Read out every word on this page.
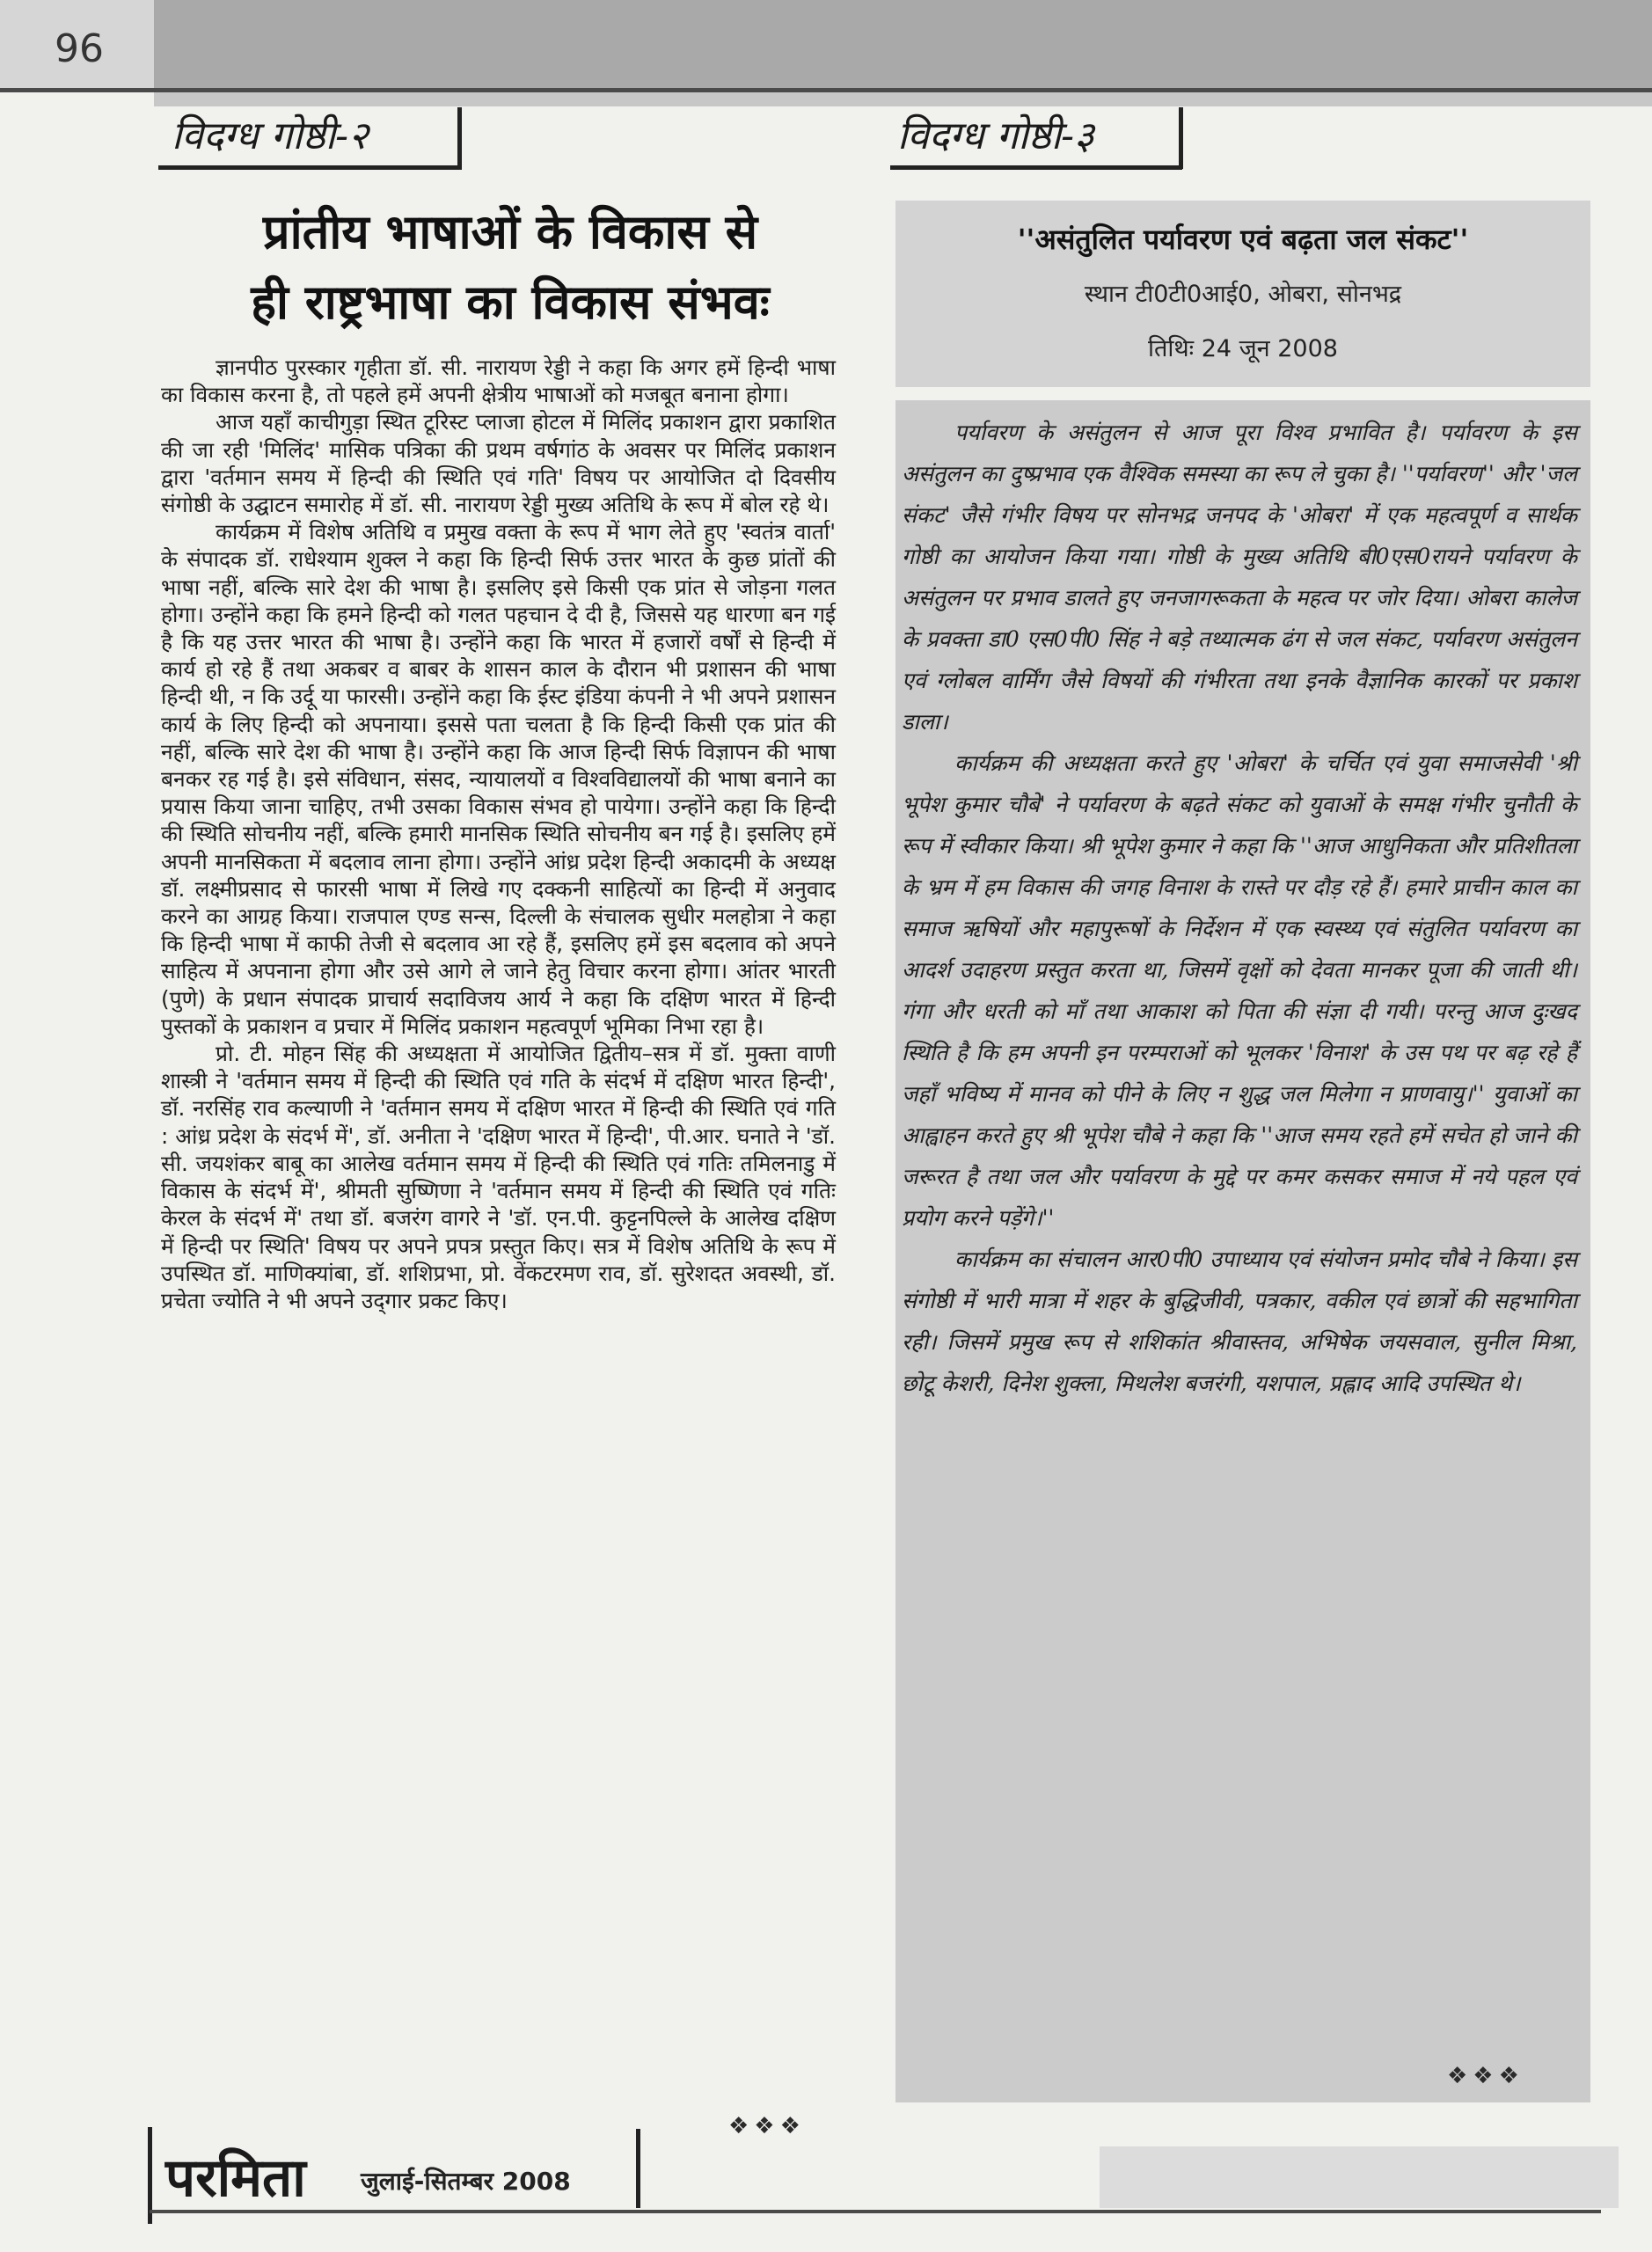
96
विदग्ध गोष्ठी-२
प्रांतीय भाषाओं के विकास से
ही राष्ट्रभाषा का विकास संभवः

ज्ञानपीठ पुरस्कार गृहीता डॉ. सी. नारायण रेड्डी ने कहा कि अगर हमें हिन्दी भाषा का विकास करना है, तो पहले हमें अपनी क्षेत्रीय भाषाओं को मजबूत बनाना होगा।

आज यहाँ काचीगुड़ा स्थित टूरिस्ट प्लाजा होटल में मिलिंद प्रकाशन द्वारा प्रकाशित की जा रही 'मिलिंद' मासिक पत्रिका की प्रथम वर्षगांठ के अवसर पर मिलिंद प्रकाशन द्वारा 'वर्तमान समय में हिन्दी की स्थिति एवं गति' विषय पर आयोजित दो दिवसीय संगोष्ठी के उद्घाटन समारोह में डॉ. सी. नारायण रेड्डी मुख्य अतिथि के रूप में बोल रहे थे।

कार्यक्रम में विशेष अतिथि व प्रमुख वक्ता के रूप में भाग लेते हुए 'स्वतंत्र वार्ता' के संपादक डॉ. राधेश्याम शुक्ल ने कहा कि हिन्दी सिर्फ उत्तर भारत के कुछ प्रांतों की भाषा नहीं, बल्कि सारे देश की भाषा है। इसलिए इसे किसी एक प्रांत से जोड़ना गलत होगा। उन्होंने कहा कि हमने हिन्दी को गलत पहचान दे दी है, जिससे यह धारणा बन गई है कि यह उत्तर भारत की भाषा है। उन्होंने कहा कि भारत में हजारों वर्षों से हिन्दी में कार्य हो रहे हैं तथा अकबर व बाबर के शासन काल के दौरान भी प्रशासन की भाषा हिन्दी थी, न कि उर्दू या फारसी। उन्होंने कहा कि ईस्ट इंडिया कंपनी ने भी अपने प्रशासन कार्य के लिए हिन्दी को अपनाया। इससे पता चलता है कि हिन्दी किसी एक प्रांत की नहीं, बल्कि सारे देश की भाषा है। उन्होंने कहा कि आज हिन्दी सिर्फ विज्ञापन की भाषा बनकर रह गई है। इसे संविधान, संसद, न्यायालयों व विश्वविद्यालयों की भाषा बनाने का प्रयास किया जाना चाहिए, तभी उसका विकास संभव हो पायेगा। उन्होंने कहा कि हिन्दी की स्थिति सोचनीय नहीं, बल्कि हमारी मानसिक स्थिति सोचनीय बन गई है। इसलिए हमें अपनी मानसिकता में बदलाव लाना होगा। उन्होंने आंध्र प्रदेश हिन्दी अकादमी के अध्यक्ष डॉ. लक्ष्मीप्रसाद से फारसी भाषा में लिखे गए दक्कनी साहित्यों का हिन्दी में अनुवाद करने का आग्रह किया। राजपाल एण्ड सन्स, दिल्ली के संचालक सुधीर मलहोत्रा ने कहा कि हिन्दी भाषा में काफी तेजी से बदलाव आ रहे हैं, इसलिए हमें इस बदलाव को अपने साहित्य में अपनाना होगा और उसे आगे ले जाने हेतु विचार करना होगा। आंतर भारती (पुणे) के प्रधान संपादक प्राचार्य सदाविजय आर्य ने कहा कि दक्षिण भारत में हिन्दी पुस्तकों के प्रकाशन व प्रचार में मिलिंद प्रकाशन महत्वपूर्ण भूमिका निभा रहा है।

प्रो. टी. मोहन सिंह की अध्यक्षता में आयोजित द्वितीय–सत्र में डॉ. मुक्ता वाणी शास्त्री ने 'वर्तमान समय में हिन्दी की स्थिति एवं गति के संदर्भ में दक्षिण भारत हिन्दी', डॉ. नरसिंह राव कल्याणी ने 'वर्तमान समय में दक्षिण भारत में हिन्दी की स्थिति एवं गति : आंध्र प्रदेश के संदर्भ में', डॉ. अनीता ने 'दक्षिण भारत में हिन्दी', पी.आर. घनाते ने 'डॉ. सी. जयशंकर बाबू का आलेख वर्तमान समय में हिन्दी की स्थिति एवं गतिः तमिलनाडु में विकास के संदर्भ में', श्रीमती सुष्णिणा ने 'वर्तमान समय में हिन्दी की स्थिति एवं गतिः केरल के संदर्भ में' तथा डॉ. बजरंग वागरे ने 'डॉ. एन.पी. कुट्टनपिल्ले के आलेख दक्षिण में हिन्दी पर स्थिति' विषय पर अपने प्रपत्र प्रस्तुत किए। सत्र में विशेष अतिथि के रूप में उपस्थित डॉ. माणिक्यांबा, डॉ. शशिप्रभा, प्रो. वेंकटरमण राव, डॉ. सुरेशदत अवस्थी, डॉ. प्रचेता ज्योति ने भी अपने उद्‌गार प्रकट किए।

❖❖❖
विदग्ध गोष्ठी-३
''असंतुलित पर्यावरण एवं बढ़ता जल संकट''
स्थान टी0टी0आई0, ओबरा, सोनभद्र
तिथिः 24 जून 2008

पर्यावरण के असंतुलन से आज पूरा विश्व प्रभावित है। पर्यावरण के इस असंतुलन का दुष्प्रभाव एक वैश्विक समस्या का रूप ले चुका है। ''पर्यावरण'' और 'जल संकट' जैसे गंभीर विषय पर सोनभद्र जनपद के 'ओबरा' में एक महत्वपूर्ण व सार्थक गोष्ठी का आयोजन किया गया। गोष्ठी के मुख्य अतिथि बी0एस0रायने पर्यावरण के असंतुलन पर प्रभाव डालते हुए जनजागरूकता के महत्व पर जोर दिया। ओबरा कालेज के प्रवक्ता डा0 एस0पी0 सिंह ने बड़े तथ्यात्मक ढंग से जल संकट, पर्यावरण असंतुलन एवं ग्लोबल वार्मिंग जैसे विषयों की गंभीरता तथा इनके वैज्ञानिक कारकों पर प्रकाश डाला।

कार्यक्रम की अध्यक्षता करते हुए 'ओबरा' के चर्चित एवं युवा समाजसेवी 'श्री भूपेश कुमार चौबे' ने पर्यावरण के बढ़ते संकट को युवाओं के समक्ष गंभीर चुनौती के रूप में स्वीकार किया। श्री भूपेश कुमार ने कहा कि ''आज आधुनिकता और प्रतिशीतला के भ्रम में हम विकास की जगह विनाश के रास्ते पर दौड़ रहे हैं। हमारे प्राचीन काल का समाज ऋषियों और महापुरूषों के निर्देशन में एक स्वस्थ्य एवं संतुलित पर्यावरण का आदर्श उदाहरण प्रस्तुत करता था, जिसमें वृक्षों को देवता मानकर पूजा की जाती थी। गंगा और धरती को माँ तथा आकाश को पिता की संज्ञा दी गयी। परन्तु आज दुःखद स्थिति है कि हम अपनी इन परम्पराओं को भूलकर 'विनाश' के उस पथ पर बढ़ रहे हैं जहाँ भविष्य में मानव को पीने के लिए न शुद्ध जल मिलेगा न प्राणवायु।'' युवाओं का आह्वाहन करते हुए श्री भूपेश चौबे ने कहा कि ''आज समय रहते हमें सचेत हो जाने की जरूरत है तथा जल और पर्यावरण के मुद्दे पर कमर कसकर समाज में नये पहल एवं प्रयोग करने पड़ेंगे।''

कार्यक्रम का संचालन आर0पी0 उपाध्याय एवं संयोजन प्रमोद चौबे ने किया। इस संगोष्ठी में भारी मात्रा में शहर के बुद्धिजीवी, पत्रकार, वकील एवं छात्रों की सहभागिता रही। जिसमें प्रमुख रूप से शशिकांत श्रीवास्तव, अभिषेक जयसवाल, सुनील मिश्रा, छोटू केशरी, दिनेश शुक्ला, मिथलेश बजरंगी, यशपाल, प्रह्लाद आदि उपस्थित थे।

❖❖❖
परमिता जुलाई-सितम्बर 2008
